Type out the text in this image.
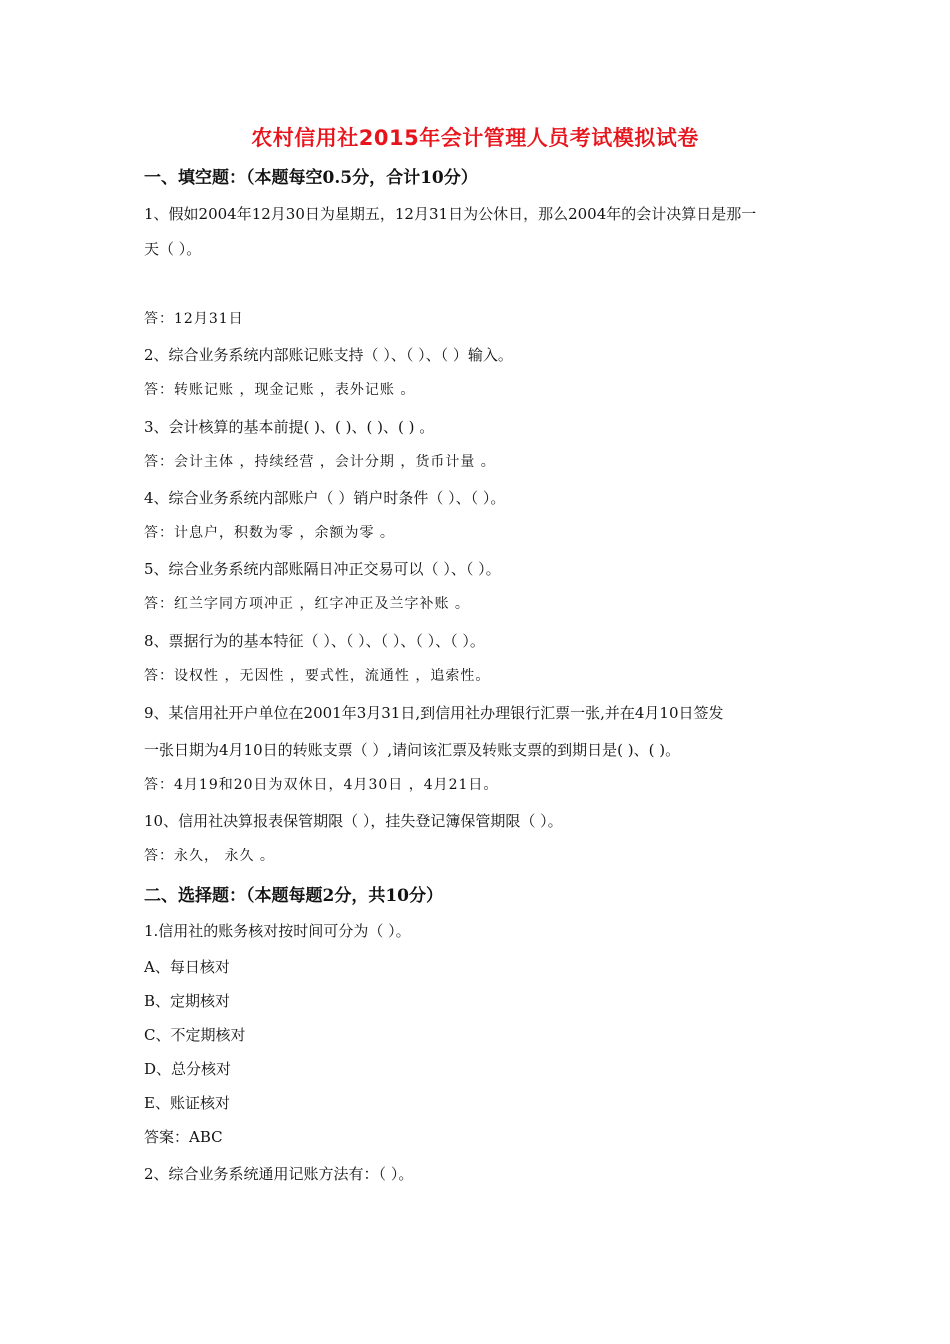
农村信用社2015年会计管理人员考试模拟试卷
一、填空题：（本题每空0.5分，合计10分）
1、假如2004年12月30日为星期五，12月31日为公休日，那么2004年的会计决算日是那一
天（ ）。
答：12月31日
2、综合业务系统内部账记账支持（ ）、（ ）、（ ）输入。
答：转账记账 ，现金记账 ，表外记账 。
3、会计核算的基本前提( )、( )、( )、( ) 。
答：会计主体 ，持续经营 ，会计分期 ，货币计量 。
4、综合业务系统内部账户（ ）销户时条件（ ）、（ ）。
答：计息户，积数为零 ，余额为零 。
5、综合业务系统内部账隔日冲正交易可以（ ）、（ ）。
答：红兰字同方项冲正 ，红字冲正及兰字补账 。
8、票据行为的基本特征（ ）、（ ）、（ ）、（ ）、（ ）。
答：设权性 ，无因性 ，要式性，流通性 ，追索性。
9、某信用社开户单位在2001年3月31日,到信用社办理银行汇票一张,并在4月10日签发
一张日期为4月10日的转账支票（ ）,请问该汇票及转账支票的到期日是( )、( )。
答：4月19和20日为双休日，4月30日 ，4月21日。
10、信用社决算报表保管期限（ ），挂失登记簿保管期限（ ）。
答：永久， 永久 。
二、选择题：（本题每题2分，共10分）
1.信用社的账务核对按时间可分为（ ）。
A、每日核对
B、定期核对
C、不定期核对
D、总分核对
E、账证核对
答案：ABC
2、综合业务系统通用记账方法有：（ ）。
